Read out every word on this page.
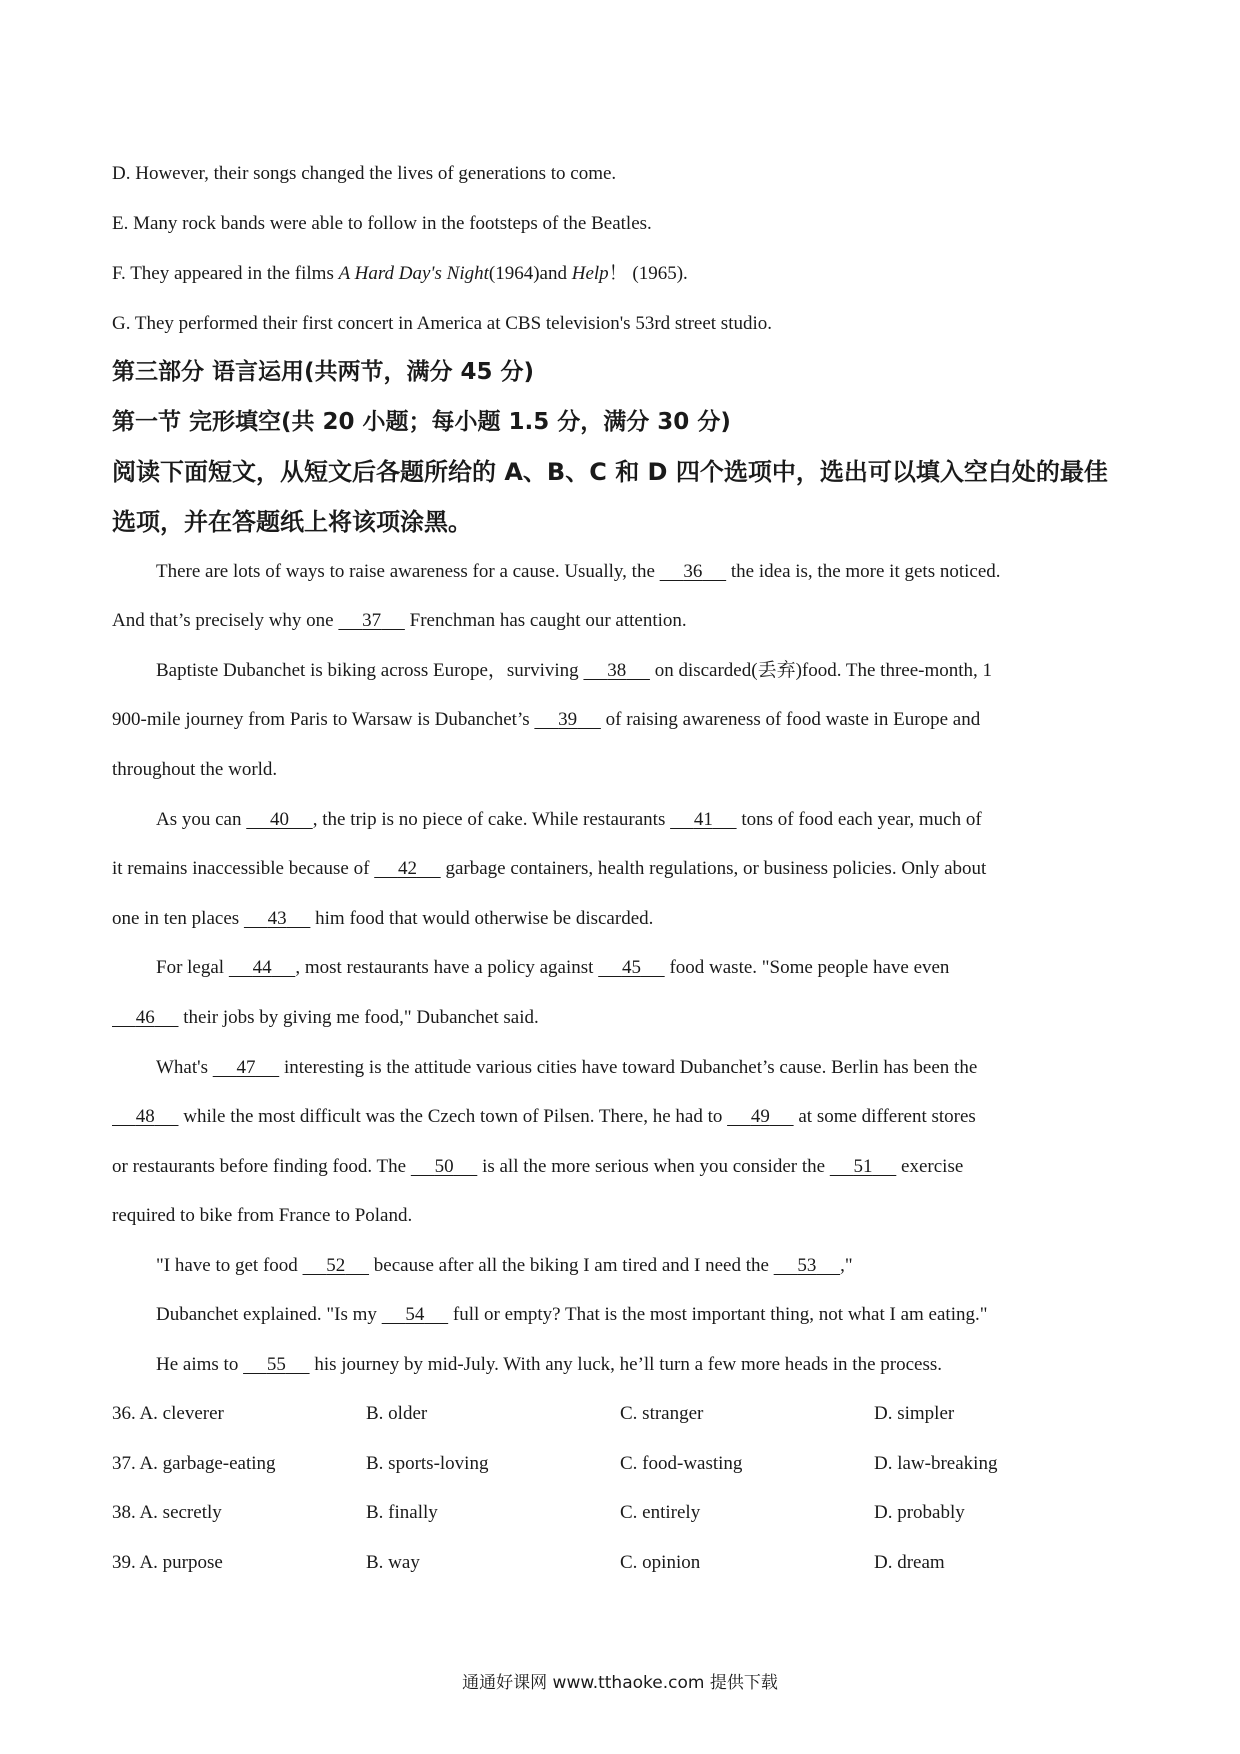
D. However, their songs changed the lives of generations to come.
E. Many rock bands were able to follow in the footsteps of the Beatles.
F. They appeared in the films A Hard Day's Night(1964)and Help！ (1965).
G. They performed their first concert in America at CBS television's 53rd street studio.
第三部分 语言运用(共两节，满分 45 分)
第一节 完形填空(共 20 小题；每小题 1.5 分，满分 30 分)
阅读下面短文，从短文后各题所给的 A、B、C 和 D 四个选项中，选出可以填入空白处的最佳
选项，并在答题纸上将该项涂黑。
There are lots of ways to raise awareness for a cause. Usually, the 36 the idea is, the more it gets noticed.
And that’s precisely why one 37 Frenchman has caught our attention.
Baptiste Dubanchet is biking across Europe，surviving 38 on discarded(丢弃)food. The three-month, 1
900-mile journey from Paris to Warsaw is Dubanchet’s 39 of raising awareness of food waste in Europe and
throughout the world.
As you can 40 , the trip is no piece of cake. While restaurants 41 tons of food each year, much of
it remains inaccessible because of 42 garbage containers, health regulations, or business policies. Only about
one in ten places 43 him food that would otherwise be discarded.
For legal 44 , most restaurants have a policy against 45 food waste. "Some people have even
46 their jobs by giving me food," Dubanchet said.
What's 47 interesting is the attitude various cities have toward Dubanchet’s cause. Berlin has been the
48 while the most difficult was the Czech town of Pilsen. There, he had to 49 at some different stores
or restaurants before finding food. The 50 is all the more serious when you consider the 51 exercise
required to bike from France to Poland.
"I have to get food 52 because after all the biking I am tired and I need the 53 ,"
Dubanchet explained. "Is my 54 full or empty? That is the most important thing, not what I am eating."
He aims to 55 his journey by mid-July. With any luck, he’ll turn a few more heads in the process.
36. A. cleverer	B. older	C. stranger	D. simpler
37. A. garbage-eating	B. sports-loving	C. food-wasting	D. law-breaking
38. A. secretly	B. finally	C. entirely	D. probably
39. A. purpose	B. way	C. opinion	D. dream
通通好课网 www.tthaoke.com 提供下载
